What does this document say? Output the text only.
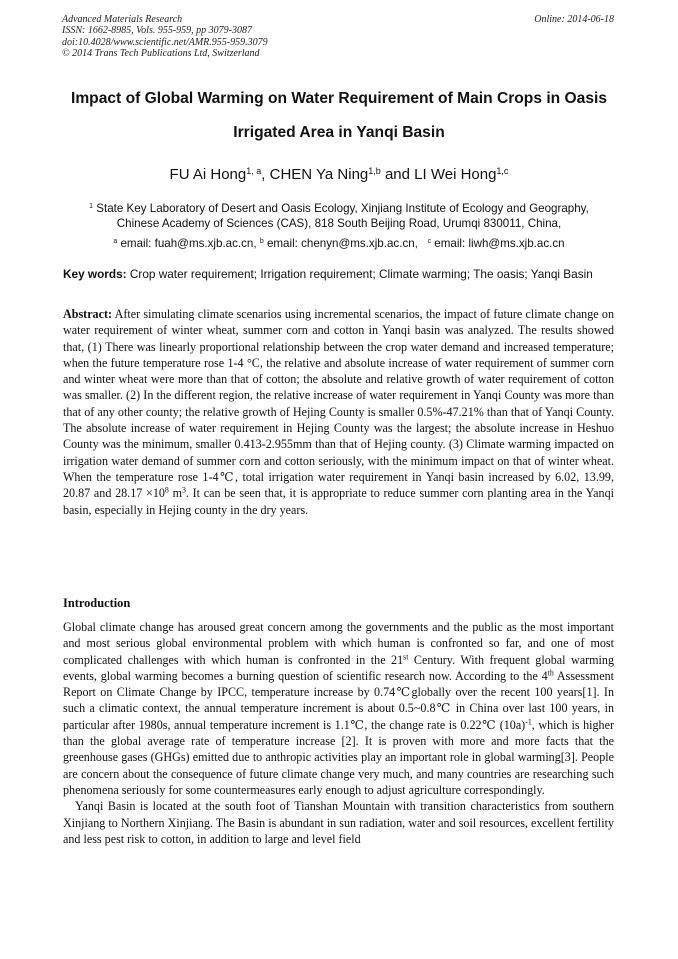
Advanced Materials Research
ISSN: 1662-8985, Vols. 955-959, pp 3079-3087
doi:10.4028/www.scientific.net/AMR.955-959.3079
© 2014 Trans Tech Publications Ltd, Switzerland
Online: 2014-06-18
Impact of Global Warming on Water Requirement of Main Crops in Oasis
Irrigated Area in Yanqi Basin
FU Ai Hong$^{1, a}$, CHEN Ya Ning$^{1,b}$ and LI Wei Hong$^{1,c}$
$^1$ State Key Laboratory of Desert and Oasis Ecology, Xinjiang Institute of Ecology and Geography,
Chinese Academy of Sciences (CAS), 818 South Beijing Road, Urumqi 830011, China,
$^a$ email: fuah@ms.xjb.ac.cn, $^b$ email: chenyn@ms.xjb.ac.cn, $^c$ email: liwh@ms.xjb.ac.cn
Key words: Crop water requirement; Irrigation requirement; Climate warming; The oasis; Yanqi Basin
Abstract: After simulating climate scenarios using incremental scenarios, the impact of future climate change on water requirement of winter wheat, summer corn and cotton in Yanqi basin was analyzed. The results showed that, (1) There was linearly proportional relationship between the crop water demand and increased temperature; when the future temperature rose 1-4 °C, the relative and absolute increase of water requirement of summer corn and winter wheat were more than that of cotton; the absolute and relative growth of water requirement of cotton was smaller. (2) In the different region, the relative increase of water requirement in Yanqi County was more than that of any other county; the relative growth of Hejing County is smaller 0.5%-47.21% than that of Yanqi County. The absolute increase of water requirement in Hejing County was the largest; the absolute increase in Heshuo County was the minimum, smaller 0.413-2.955mm than that of Hejing county. (3) Climate warming impacted on irrigation water demand of summer corn and cotton seriously, with the minimum impact on that of winter wheat. When the temperature rose 1-4℃, total irrigation water requirement in Yanqi basin increased by 6.02, 13.99, 20.87 and $28.17 \times 10^8$ $m^3$. It can be seen that, it is appropriate to reduce summer corn planting area in the Yanqi basin, especially in Hejing county in the dry years.
Introduction

Global climate change has aroused great concern among the governments and the public as the most important and most serious global environmental problem with which human is confronted so far, and one of most complicated challenges with which human is confronted in the 21st Century. With frequent global warming events, global warming becomes a burning question of scientific research now. According to the 4th Assessment Report on Climate Change by IPCC, temperature increase by 0.74℃globally over the recent 100 years[1]. In such a climatic context, the annual temperature increment is about 0.5~0.8℃ in China over last 100 years, in particular after 1980s, annual temperature increment is 1.1℃, the change rate is 0.22℃ $(10a)^{-1}$, which is higher than the global average rate of temperature increase [2]. It is proven with more and more facts that the greenhouse gases (GHGs) emitted due to anthropic activities play an important role in global warming[3]. People are concern about the consequence of future climate change very much, and many countries are researching such phenomena seriously for some countermeasures early enough to adjust agriculture correspondingly.

Yanqi Basin is located at the south foot of Tianshan Mountain with transition characteristics from southern Xinjiang to Northern Xinjiang. The Basin is abundant in sun radiation, water and soil resources, excellent fertility and less pest risk to cotton, in addition to large and level field
